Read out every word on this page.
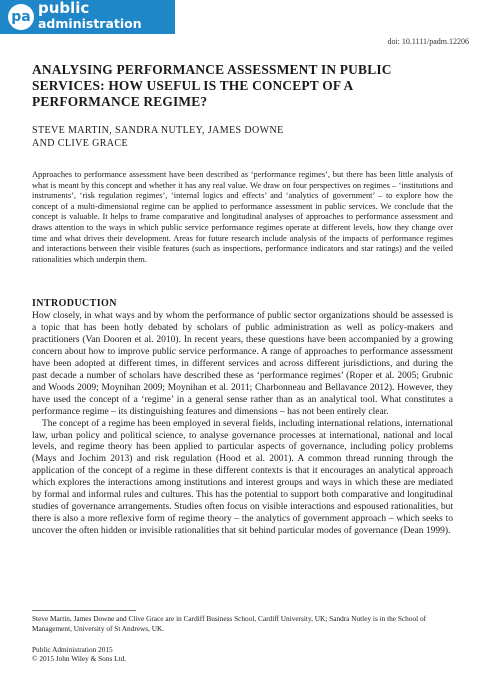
pa public
administration
doi: 10.1111/padm.12206
ANALYSING PERFORMANCE ASSESSMENT IN PUBLIC SERVICES: HOW USEFUL IS THE CONCEPT OF A PERFORMANCE REGIME?
STEVE MARTIN, SANDRA NUTLEY, JAMES DOWNE
AND CLIVE GRACE
Approaches to performance assessment have been described as ‘performance regimes’, but there has been little analysis of what is meant by this concept and whether it has any real value. We draw on four perspectives on regimes – ‘institutions and instruments’, ‘risk regulation regimes’, ‘internal logics and effects’ and ‘analytics of government’ – to explore how the concept of a multi-dimensional regime can be applied to performance assessment in public services. We conclude that the concept is valuable. It helps to frame comparative and longitudinal analyses of approaches to performance assessment and draws attention to the ways in which public service performance regimes operate at different levels, how they change over time and what drives their development. Areas for future research include analysis of the impacts of performance regimes and interactions between their visible features (such as inspections, performance indicators and star ratings) and the veiled rationalities which underpin them.
INTRODUCTION

How closely, in what ways and by whom the performance of public sector organizations should be assessed is a topic that has been hotly debated by scholars of public administration as well as policy-makers and practitioners (Van Dooren et al. 2010). In recent years, these questions have been accompanied by a growing concern about how to improve public service performance. A range of approaches to performance assessment have been adopted at different times, in different services and across different jurisdictions, and during the past decade a number of scholars have described these as ‘performance regimes’ (Roper et al. 2005; Grubnic and Woods 2009; Moynihan 2009; Moynihan et al. 2011; Charbonneau and Bellavance 2012). However, they have used the concept of a ‘regime’ in a general sense rather than as an analytical tool. What constitutes a performance regime – its distinguishing features and dimensions – has not been entirely clear.

The concept of a regime has been employed in several fields, including international relations, international law, urban policy and political science, to analyse governance processes at international, national and local levels, and regime theory has been applied to particular aspects of governance, including policy problems (Mays and Jochim 2013) and risk regulation (Hood et al. 2001). A common thread running through the application of the concept of a regime in these different contexts is that it encourages an analytical approach which explores the interactions among institutions and interest groups and ways in which these are mediated by formal and informal rules and cultures. This has the potential to support both comparative and longitudinal studies of governance arrangements. Studies often focus on visible interactions and espoused rationalities, but there is also a more reflexive form of regime theory – the analytics of government approach – which seeks to uncover the often hidden or invisible rationalities that sit behind particular modes of governance (Dean 1999).

Steve Martin, James Downe and Clive Grace are in Cardiff Business School, Cardiff University, UK; Sandra Nutley is in the School of Management, University of St Andrews, UK.
Public Administration 2015
© 2015 John Wiley & Sons Ltd.
